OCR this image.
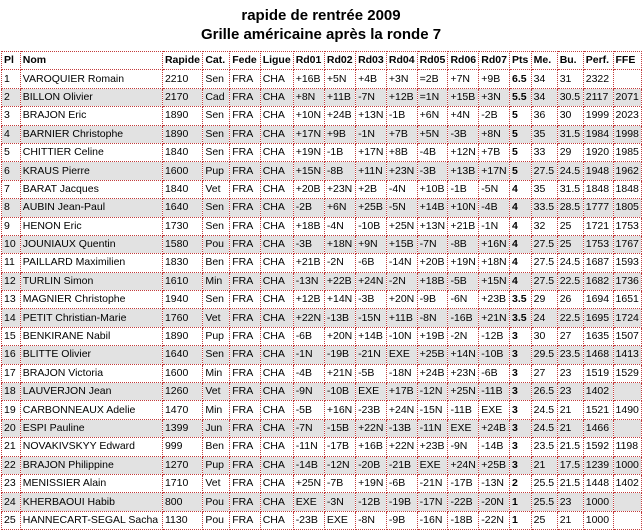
rapide de rentrée 2009
Grille américaine après la ronde 7
Pl	Nom	Rapide	Cat.	Fede	Ligue	Rd01	Rd02	Rd03	Rd04	Rd05	Rd06	Rd07	Pts	Me.	Bu.	Perf.	FFE
1	VAROQUIER Romain	2210	Sen	FRA	CHA	+16B	+5N	+4B	+3N	=2B	+7N	+9B	6.5	34	31	2322	
2	BILLON Olivier	2170	Cad	FRA	CHA	+8N	+11B	-7N	+12B	=1N	+15B	+3N	5.5	34	30.5	2117	2071
3	BRAJON Eric	1890	Sen	FRA	CHA	+10N	+24B	+13N	-1B	+6N	+4N	-2B	5	36	30	1999	2023
4	BARNIER Christophe	1890	Sen	FRA	CHA	+17N	+9B	-1N	+7B	+5N	-3B	+8N	5	35	31.5	1984	1998
5	CHITTIER Celine	1840	Sen	FRA	CHA	+19N	-1B	+17N	+8B	-4B	+12N	+7B	5	33	29	1920	1985
6	KRAUS Pierre	1600	Pup	FRA	CHA	+15N	-8B	+11N	+23N	-3B	+13B	+17N	5	27.5	24.5	1948	1962
7	BARAT Jacques	1840	Vet	FRA	CHA	+20B	+23N	+2B	-4N	+10B	-1B	-5N	4	35	31.5	1848	1848
8	AUBIN Jean-Paul	1640	Sen	FRA	CHA	-2B	+6N	+25B	-5N	+14B	+10N	-4B	4	33.5	28.5	1777	1805
9	HENON Eric	1730	Sen	FRA	CHA	+18B	-4N	-10B	+25N	+13N	+21B	-1N	4	32	25	1721	1753
10	JOUNIAUX Quentin	1580	Pou	FRA	CHA	-3B	+18N	+9N	+15B	-7N	-8B	+16N	4	27.5	25	1753	1767
11	PAILLARD Maximilien	1830	Ben	FRA	CHA	+21B	-2N	-6B	-14N	+20B	+19N	+18N	4	27.5	24.5	1687	1593
12	TURLIN Simon	1610	Min	FRA	CHA	-13N	+22B	+24N	-2N	+18B	-5B	+15N	4	27.5	22.5	1682	1736
13	MAGNIER Christophe	1940	Sen	FRA	CHA	+12B	+14N	-3B	+20N	-9B	-6N	+23B	3.5	29	26	1694	1651
14	PETIT Christian-Marie	1760	Vet	FRA	CHA	+22N	-13B	-15N	+11B	-8N	-16B	+21N	3.5	24	22.5	1695	1724
15	BENKIRANE Nabil	1890	Pup	FRA	CHA	-6B	+20N	+14B	-10N	+19B	-2N	-12B	3	30	27	1635	1507
16	BLITTE Olivier	1640	Sen	FRA	CHA	-1N	-19B	-21N	EXE	+25B	+14N	-10B	3	29.5	23.5	1468	1413
17	BRAJON Victoria	1600	Min	FRA	CHA	-4B	+21N	-5B	-18N	+24B	+23N	-6B	3	27	23	1519	1529
18	LAUVERJON Jean	1260	Vet	FRA	CHA	-9N	-10B	EXE	+17B	-12N	+25N	-11B	3	26.5	23	1402	
19	CARBONNEAUX Adelie	1470	Min	FRA	CHA	-5B	+16N	-23B	+24N	-15N	-11B	EXE	3	24.5	21	1521	1490
20	ESPI Pauline	1399	Jun	FRA	CHA	-7N	-15B	+22N	-13B	-11N	EXE	+24B	3	24.5	21	1466	
21	NOVAKIVSKYY Edward	999	Ben	FRA	CHA	-11N	-17B	+16B	+22N	+23B	-9N	-14B	3	23.5	21.5	1592	1198
22	BRAJON Philippine	1270	Pup	FRA	CHA	-14B	-12N	-20B	-21B	EXE	+24N	+25B	3	21	17.5	1239	1000
23	MENISSIER Alain	1710	Vet	FRA	CHA	+25N	-7B	+19N	-6B	-21N	-17B	-13N	2	25.5	21.5	1448	1402
24	KHERBAOUI Habib	800	Pou	FRA	CHA	EXE	-3N	-12B	-19B	-17N	-22B	-20N	1	25.5	23	1000	
25	HANNECART-SEGAL Sacha	1130	Pou	FRA	CHA	-23B	EXE	-8N	-9B	-16N	-18B	-22N	1	25	21	1000	
